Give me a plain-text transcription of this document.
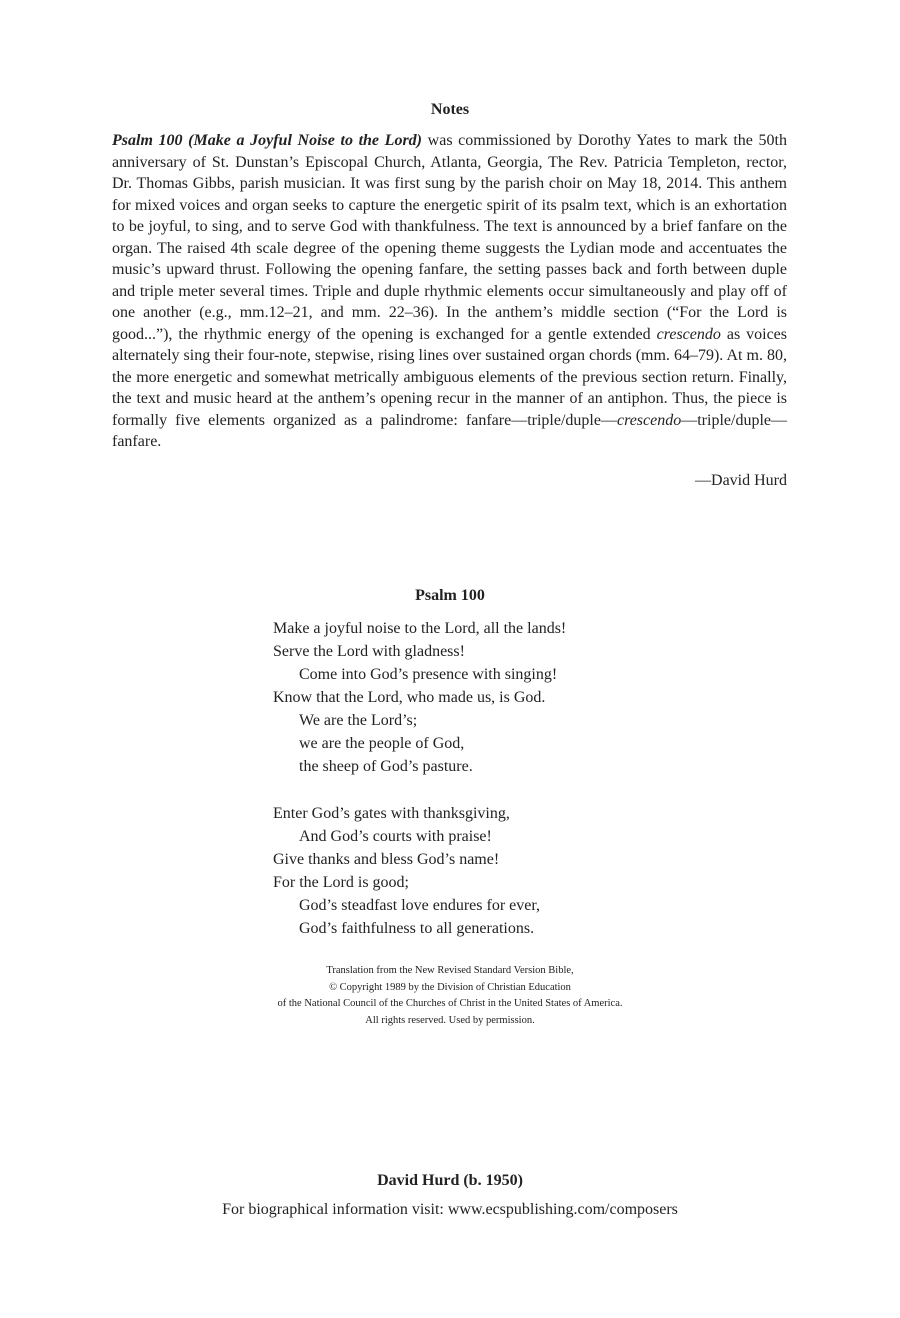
Notes
Psalm 100 (Make a Joyful Noise to the Lord) was commissioned by Dorothy Yates to mark the 50th anniversary of St. Dunstan’s Episcopal Church, Atlanta, Georgia, The Rev. Patricia Templeton, rector, Dr. Thomas Gibbs, parish musician. It was first sung by the parish choir on May 18, 2014. This anthem for mixed voices and organ seeks to capture the energetic spirit of its psalm text, which is an exhortation to be joyful, to sing, and to serve God with thankfulness. The text is announced by a brief fanfare on the organ. The raised 4th scale degree of the opening theme suggests the Lydian mode and accentuates the music’s upward thrust. Following the opening fanfare, the setting passes back and forth between duple and triple meter several times. Triple and duple rhythmic elements occur simultaneously and play off of one another (e.g., mm.12–21, and mm. 22–36). In the anthem’s middle section (“For the Lord is good...”), the rhythmic energy of the opening is exchanged for a gentle extended crescendo as voices alternately sing their four-note, stepwise, rising lines over sustained organ chords (mm. 64–79). At m. 80, the more energetic and somewhat metrically ambiguous elements of the previous section return. Finally, the text and music heard at the anthem’s opening recur in the manner of an antiphon. Thus, the piece is formally five elements organized as a palindrome: fanfare—triple/duple—crescendo—triple/duple—fanfare.
—David Hurd
Psalm 100
Make a joyful noise to the Lord, all the lands!
Serve the Lord with gladness!
Come into God’s presence with singing!
Know that the Lord, who made us, is God.
We are the Lord’s;
we are the people of God,
the sheep of God’s pasture.
Enter God’s gates with thanksgiving,
And God’s courts with praise!
Give thanks and bless God’s name!
For the Lord is good;
God’s steadfast love endures for ever,
God’s faithfulness to all generations.
Translation from the New Revised Standard Version Bible,
© Copyright 1989 by the Division of Christian Education
of the National Council of the Churches of Christ in the United States of America.
All rights reserved. Used by permission.
David Hurd (b. 1950)
For biographical information visit: www.ecspublishing.com/composers
